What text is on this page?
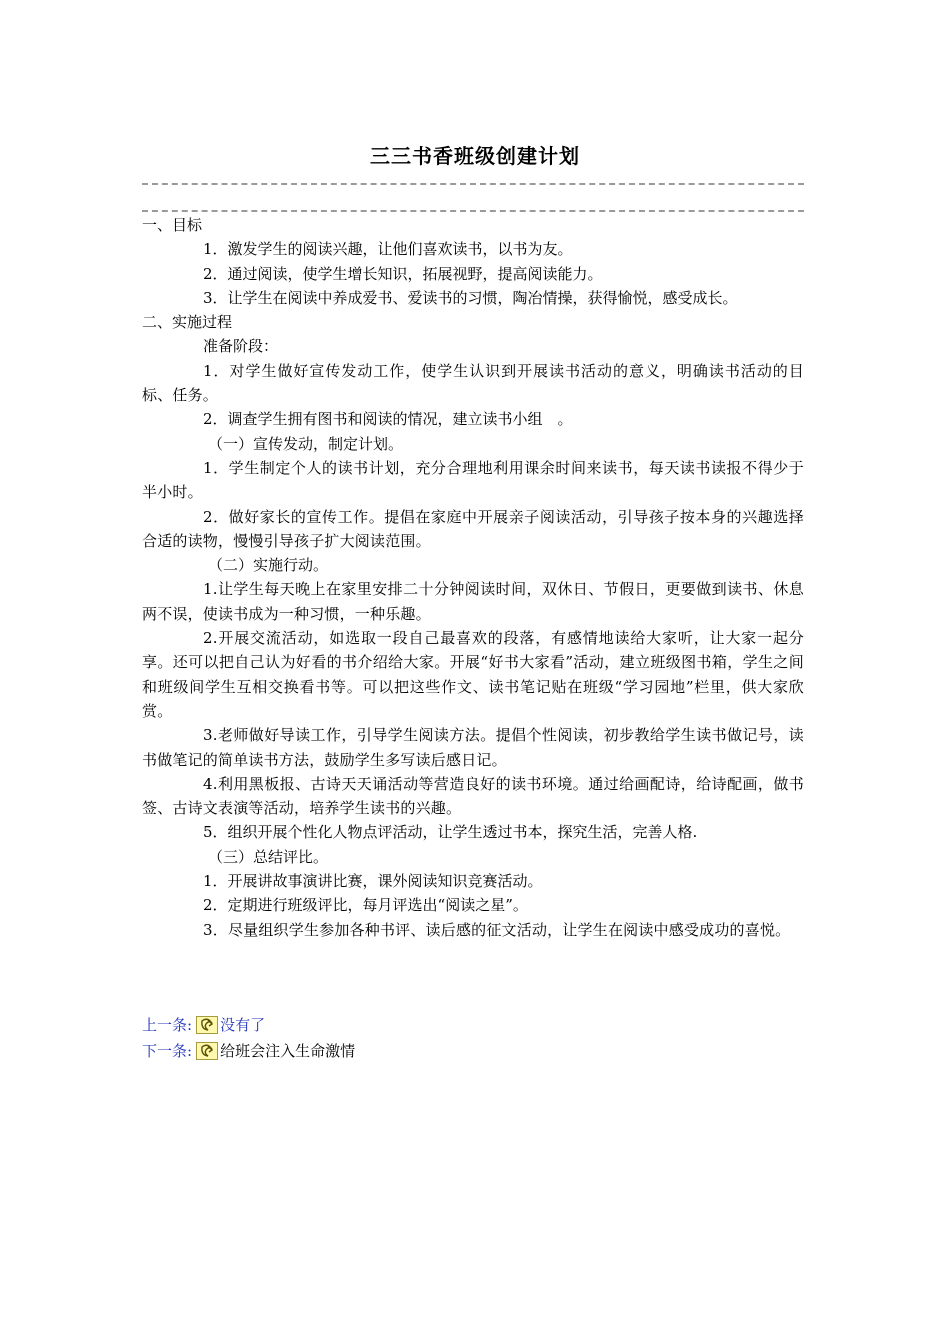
三三书香班级创建计划
一、目标
1．激发学生的阅读兴趣，让他们喜欢读书，以书为友。
2．通过阅读，使学生增长知识，拓展视野，提高阅读能力。
3．让学生在阅读中养成爱书、爱读书的习惯，陶冶情操，获得愉悦，感受成长。
二、实施过程
准备阶段：
1．对学生做好宣传发动工作，使学生认识到开展读书活动的意义，明确读书活动的目标、任务。
2．调查学生拥有图书和阅读的情况，建立读书小组　。
（一）宣传发动，制定计划。
1．学生制定个人的读书计划，充分合理地利用课余时间来读书，每天读书读报不得少于半小时。
2．做好家长的宣传工作。提倡在家庭中开展亲子阅读活动，引导孩子按本身的兴趣选择合适的读物，慢慢引导孩子扩大阅读范围。
（二）实施行动。
1.让学生每天晚上在家里安排二十分钟阅读时间，双休日、节假日，更要做到读书、休息两不误，使读书成为一种习惯，一种乐趣。
2.开展交流活动，如选取一段自己最喜欢的段落，有感情地读给大家听，让大家一起分享。还可以把自己认为好看的书介绍给大家。开展“好书大家看”活动，建立班级图书箱，学生之间和班级间学生互相交换看书等。可以把这些作文、读书笔记贴在班级“学习园地”栏里，供大家欣赏。
3.老师做好导读工作，引导学生阅读方法。提倡个性阅读，初步教给学生读书做记号，读书做笔记的简单读书方法，鼓励学生多写读后感日记。
4.利用黑板报、古诗天天诵活动等营造良好的读书环境。通过给画配诗，给诗配画，做书签、古诗文表演等活动，培养学生读书的兴趣。
5．组织开展个性化人物点评活动，让学生透过书本，探究生活，完善人格.
（三）总结评比。
1．开展讲故事演讲比赛，课外阅读知识竞赛活动。
2．定期进行班级评比，每月评选出“阅读之星”。
3．尽量组织学生参加各种书评、读后感的征文活动，让学生在阅读中感受成功的喜悦。
上一条: 没有了
下一条: 给班会注入生命激情
